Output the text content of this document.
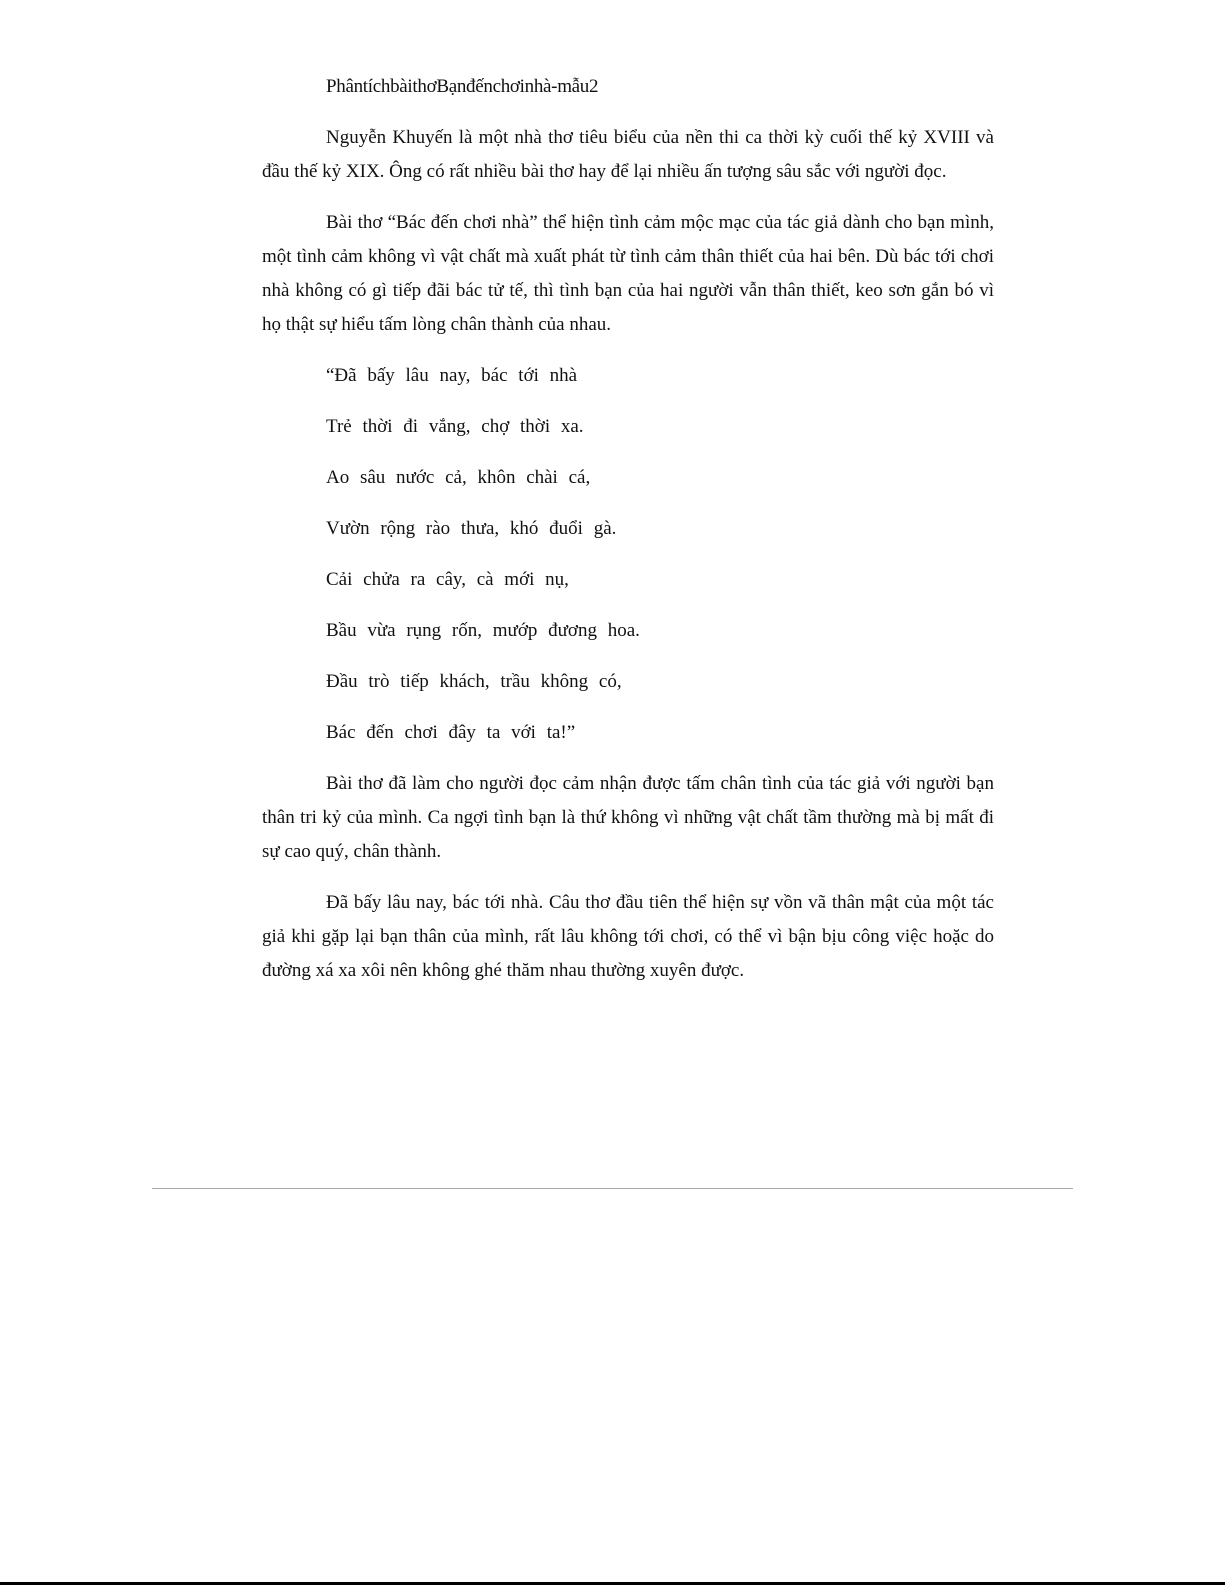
PhântíchbàithơBạnđếnchơinhà-mẫu2

Nguyễn Khuyến là một nhà thơ tiêu biểu của nền thi ca thời kỳ cuối thế kỷ XVIII và đầu thế kỷ XIX. Ông có rất nhiều bài thơ hay để lại nhiều ấn tượng sâu sắc với người đọc.

Bài thơ “Bác đến chơi nhà” thể hiện tình cảm mộc mạc của tác giả dành cho bạn mình, một tình cảm không vì vật chất mà xuất phát từ tình cảm thân thiết của hai bên. Dù bác tới chơi nhà không có gì tiếp đãi bác tử tế, thì tình bạn của hai người vẫn thân thiết, keo sơn gắn bó vì họ thật sự hiểu tấm lòng chân thành của nhau.

“Đã bấy lâu nay, bác tới nhà

Trẻ thời đi vắng, chợ thời xa.

Ao sâu nước cả, khôn chài cá,

Vườn rộng rào thưa, khó đuổi gà.

Cải chửa ra cây, cà mới nụ,

Bầu vừa rụng rốn, mướp đương hoa.

Đầu trò tiếp khách, trầu không có,

Bác đến chơi đây ta với ta!”

Bài thơ đã làm cho người đọc cảm nhận được tấm chân tình của tác giả với người bạn thân tri kỷ của mình. Ca ngợi tình bạn là thứ không vì những vật chất tầm thường mà bị mất đi sự cao quý, chân thành.

Đã bấy lâu nay, bác tới nhà. Câu thơ đầu tiên thể hiện sự vồn vã thân mật của một tác giả khi gặp lại bạn thân của mình, rất lâu không tới chơi, có thể vì bận bịu công việc hoặc do đường xá xa xôi nên không ghé thăm nhau thường xuyên được.
